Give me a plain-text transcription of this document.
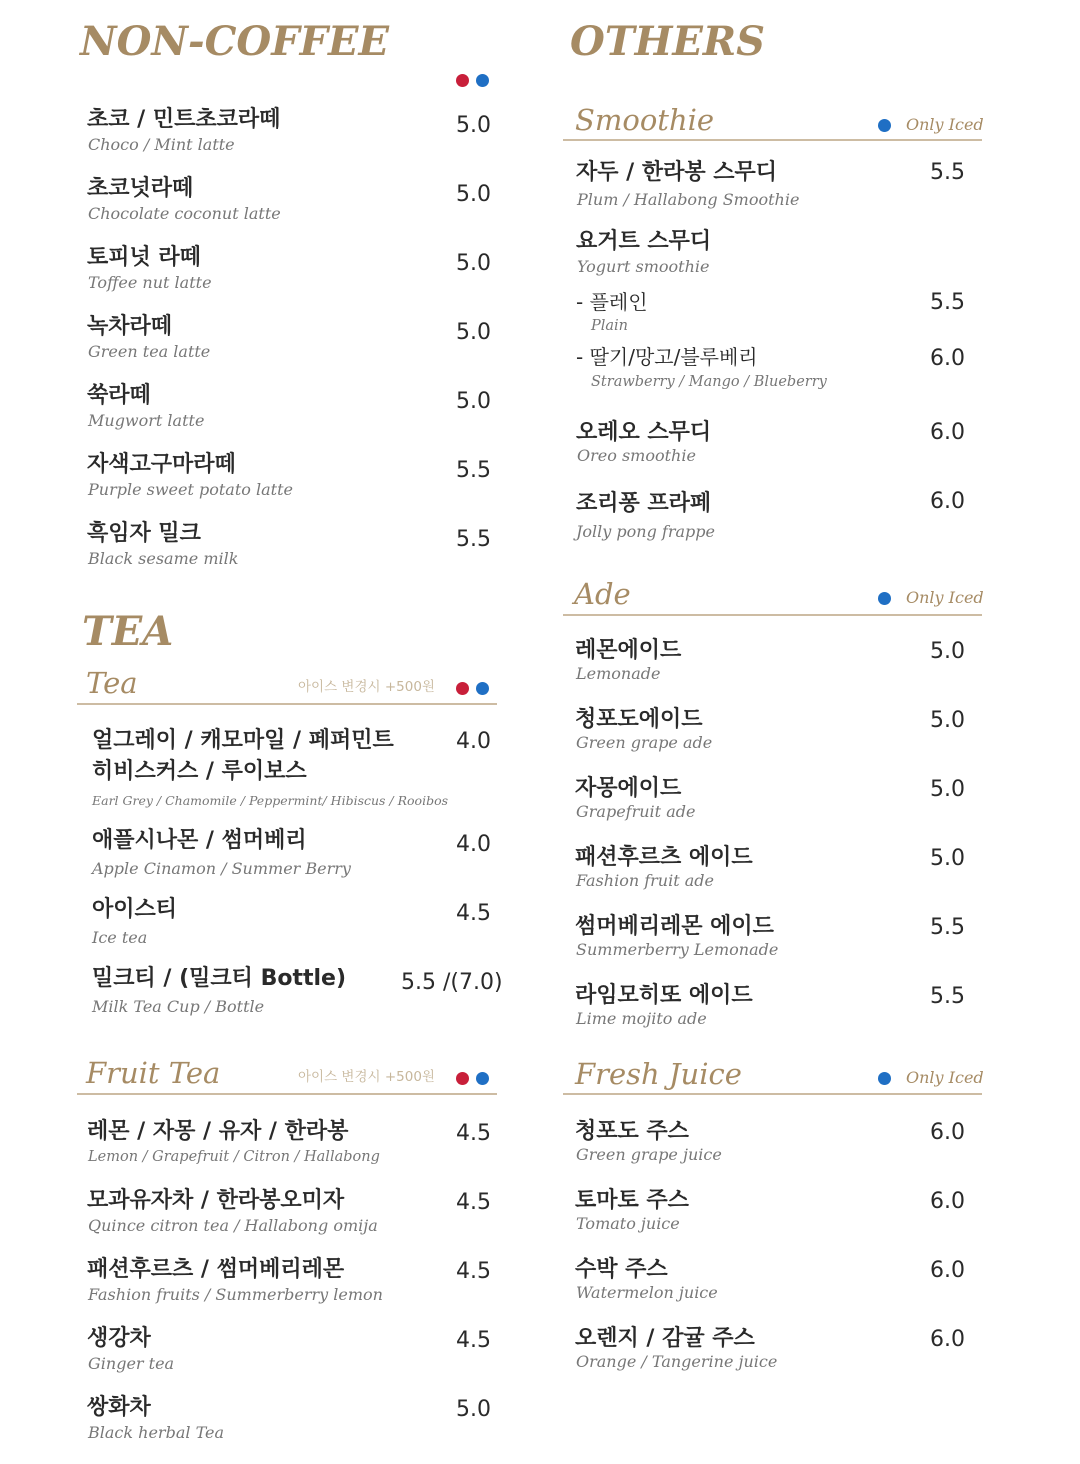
NON-COFFEE
초코 / 민트초코라떼
Choco / Mint latte
5.0
초코넛라떼
Chocolate coconut latte
5.0
토피넛 라떼
Toffee nut latte
5.0
녹차라떼
Green tea latte
5.0
쑥라떼
Mugwort latte
5.0
자색고구마라떼
Purple sweet potato latte
5.5
흑임자 밀크
Black sesame milk
5.5
TEA
Tea	아이스 변경시 +500원
얼그레이 / 캐모마일 / 페퍼민트
히비스커스 / 루이보스
Earl Grey / Chamomile / Peppermint/ Hibiscus / Rooibos
4.0
애플시나몬 / 썸머베리
Apple Cinamon / Summer Berry
4.0
아이스티
Ice tea
4.5
밀크티 / (밀크티 Bottle)
Milk Tea Cup / Bottle
5.5 /(7.0)
Fruit Tea	아이스 변경시 +500원
레몬 / 자몽 / 유자 / 한라봉
Lemon / Grapefruit / Citron / Hallabong
4.5
모과유자차 / 한라봉오미자
Quince citron tea / Hallabong omija
4.5
패션후르츠 / 썸머베리레몬
Fashion fruits / Summerberry lemon
4.5
생강차
Ginger tea
4.5
쌍화차
Black herbal Tea
5.0
OTHERS
Smoothie	Only Iced
자두 / 한라봉 스무디
Plum / Hallabong Smoothie
5.5
요거트 스무디
Yogurt smoothie
- 플레인
Plain
5.5
- 딸기/망고/블루베리
Strawberry / Mango / Blueberry
6.0
오레오 스무디
Oreo smoothie
6.0
조리퐁 프라페
Jolly pong frappe
6.0
Ade	Only Iced
레몬에이드
Lemonade
5.0
청포도에이드
Green grape ade
5.0
자몽에이드
Grapefruit ade
5.0
패션후르츠 에이드
Fashion fruit ade
5.0
썸머베리레몬 에이드
Summerberry Lemonade
5.5
라임모히또 에이드
Lime mojito ade
5.5
Fresh Juice	Only Iced
청포도 주스
Green grape juice
6.0
토마토 주스
Tomato juice
6.0
수박 주스
Watermelon juice
6.0
오렌지 / 감귤 주스
Orange / Tangerine juice
6.0
